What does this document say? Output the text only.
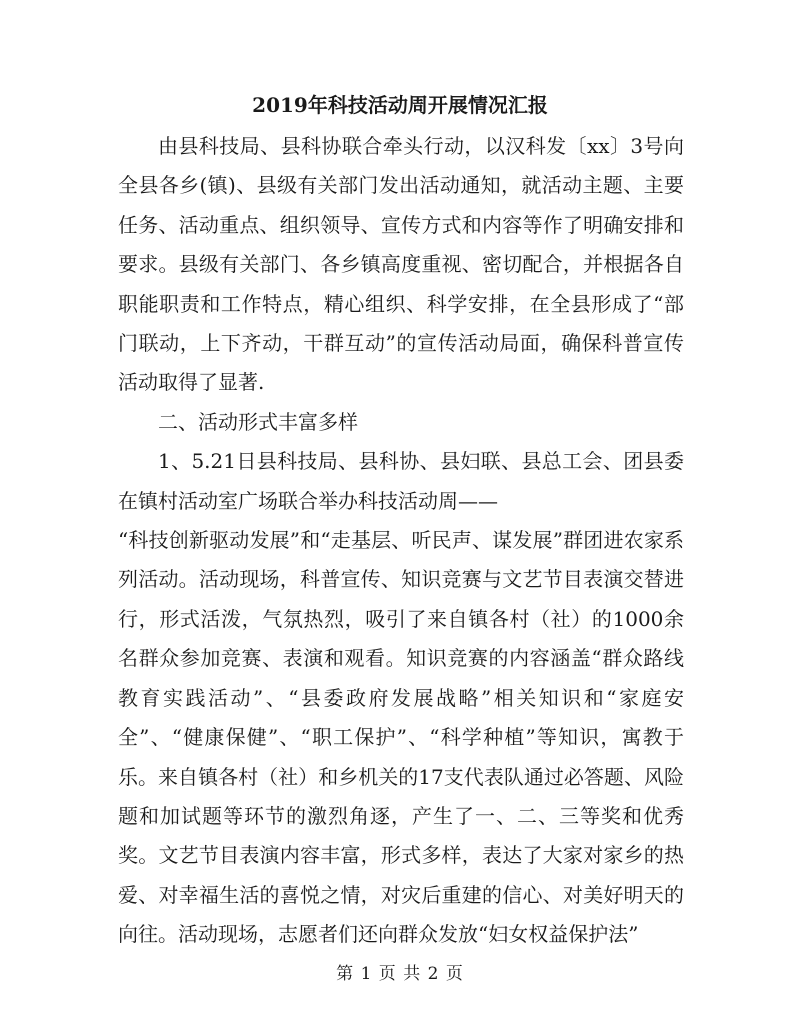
2019年科技活动周开展情况汇报

由县科技局、县科协联合牵头行动，以汉科发〔xx〕3号向全县各乡(镇)、县级有关部门发出活动通知，就活动主题、主要任务、活动重点、组织领导、宣传方式和内容等作了明确安排和要求。县级有关部门、各乡镇高度重视、密切配合，并根据各自职能职责和工作特点，精心组织、科学安排，在全县形成了“部门联动，上下齐动，干群互动”的宣传活动局面，确保科普宣传活动取得了显著.

二、活动形式丰富多样

1、5.21日县科技局、县科协、县妇联、县总工会、团县委在镇村活动室广场联合举办科技活动周——

“科技创新驱动发展”和“走基层、听民声、谋发展”群团进农家系列活动。活动现场，科普宣传、知识竞赛与文艺节目表演交替进行，形式活泼，气氛热烈，吸引了来自镇各村（社）的1000余名群众参加竞赛、表演和观看。知识竞赛的内容涵盖“群众路线教育实践活动”、“县委政府发展战略”相关知识和“家庭安全”、“健康保健”、“职工保护”、“科学种植”等知识，寓教于乐。来自镇各村（社）和乡机关的17支代表队通过必答题、风险题和加试题等环节的激烈角逐，产生了一、二、三等奖和优秀奖。文艺节目表演内容丰富，形式多样，表达了大家对家乡的热爱、对幸福生活的喜悦之情，对灾后重建的信心、对美好明天的向往。活动现场，志愿者们还向群众发放“妇女权益保护法”

第 1 页 共 2 页
